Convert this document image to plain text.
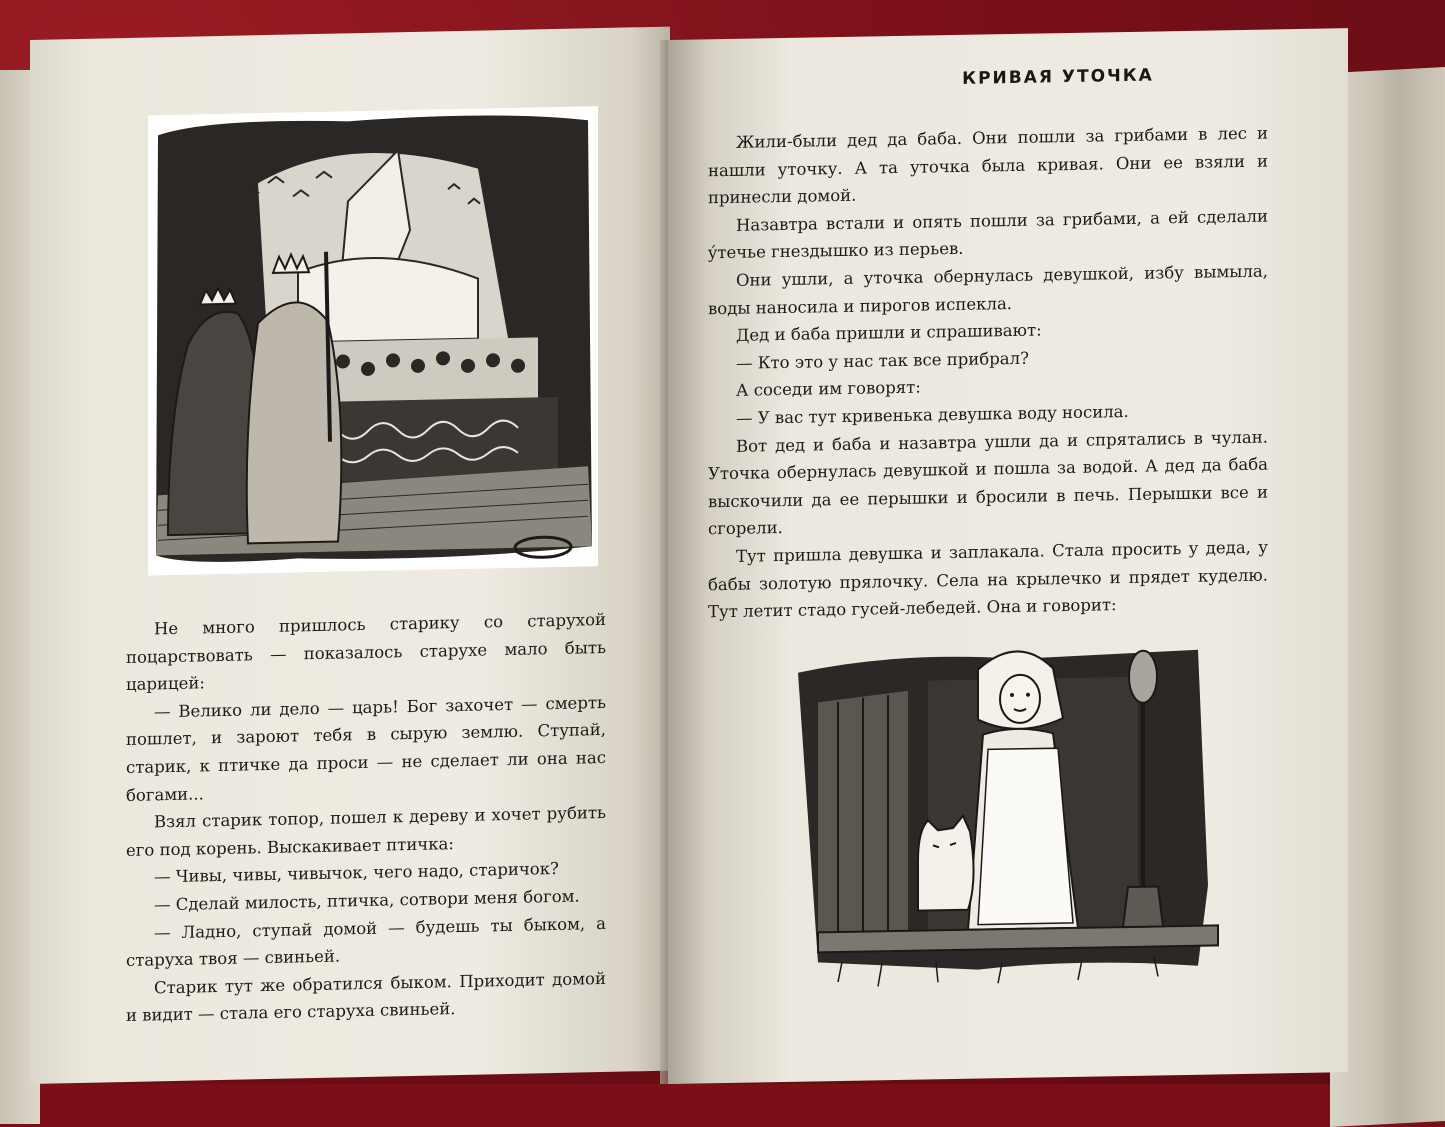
Не много пришлось старику со старухой поцарствовать — показалось старухе мало быть царицей:

— Велико ли дело — царь! Бог захочет — смерть пошлет, и зароют тебя в сырую землю. Ступай, старик, к птичке да проси — не сделает ли она нас богами...

Взял старик топор, пошел к дереву и хочет рубить его под корень. Выскакивает птичка:

— Чивы, чивы, чивычок, чего надо, старичок?

— Сделай милость, птичка, сотвори меня богом.

— Ладно, ступай домой — будешь ты быком, а старуха твоя — свиньей.

Старик тут же обратился быком. Приходит домой и видит — стала его старуха свиньей.

КРИВАЯ УТОЧКА

Жили-были дед да баба. Они пошли за грибами в лес и нашли уточку. А та уточка была кривая. Они ее взяли и принесли домой.

Назавтра встали и опять пошли за грибами, а ей сделали ýтечье гнездышко из перьев.

Они ушли, а уточка обернулась девушкой, избу вымыла, воды наносила и пирогов испекла.

Дед и баба пришли и спрашивают:

— Кто это у нас так все прибрал?

А соседи им говорят:

— У вас тут кривенька девушка воду носила.

Вот дед и баба и назавтра ушли да и спрятались в чулан. Уточка обернулась девушкой и пошла за водой. А дед да баба выскочили да ее перышки и бросили в печь. Перышки все и сгорели.

Тут пришла девушка и заплакала. Стала просить у деда, у бабы золотую прялочку. Села на крылечко и прядет куделю. Тут летит стадо гусей-лебедей. Она и говорит:
